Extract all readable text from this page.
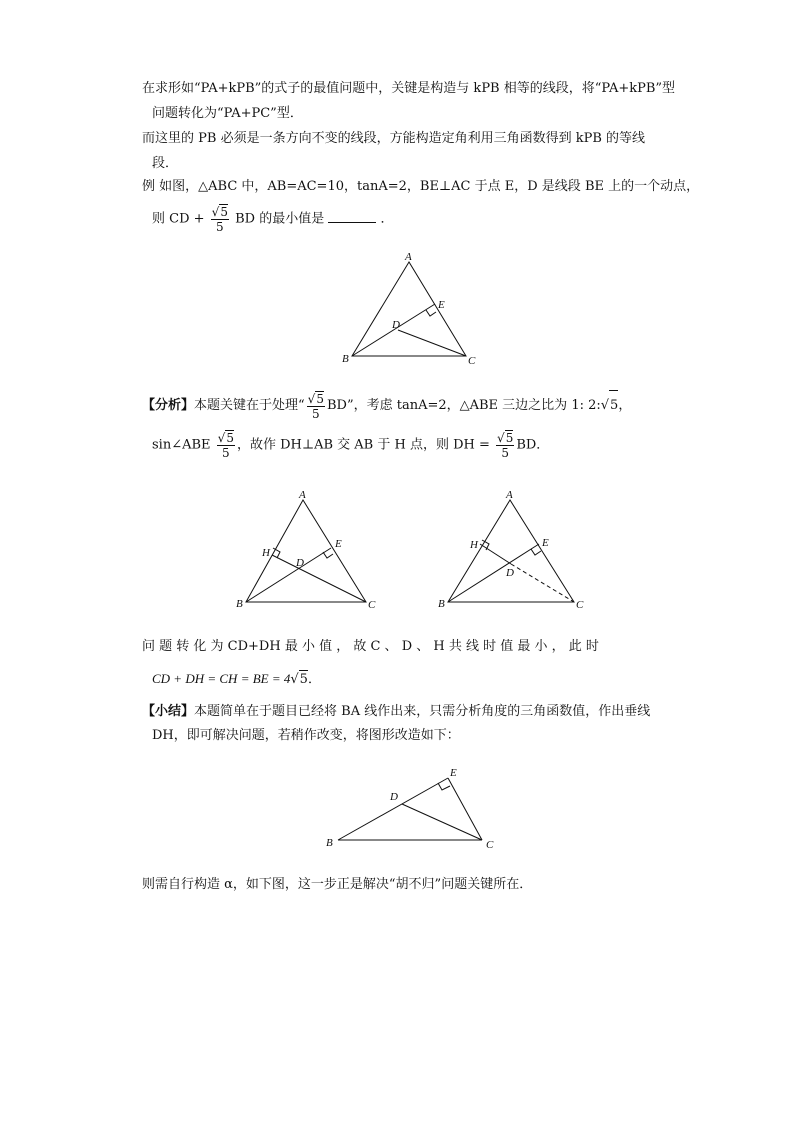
在求形如“PA+kPB”的式子的最值问题中，关键是构造与 kPB 相等的线段，将“PA+kPB”型
问题转化为“PA+PC”型．
而这里的 PB 必须是一条方向不变的线段，方能构造定角利用三角函数得到 kPB 的等线
段．
例 如图，△ABC 中，AB=AC=10，tanA=2，BE⊥AC 于点 E，D 是线段 BE 上的一个动点，
则 CD + $\frac{√5}{5}$ BD 的最小值是	．
A
B	C
D
E
【分析】本题关键在于处理“ $\frac{√5}{5}$ BD”，考虑 tanA=2，△ABE 三边之比为 1: 2:√5，
sin∠ABE $\frac{√5}{5}$ ，故作 DH⊥AB 交 AB 于 H 点，则 DH = $\frac{√5}{5}$ BD．
A
B	C
D
E
H
A
B	C
D
E
H
问 题 转 化 为 CD+DH 最 小 值 ， 故 C 、 D 、 H 共 线 时 值 最 小 ， 此 时
CD + DH = CH = BE = 4√5．
【小结】本题简单在于题目已经将 BA 线作出来，只需分析角度的三角函数值，作出垂线
DH，即可解决问题，若稍作改变，将图形改造如下：
B	C
D
E
则需自行构造 α，如下图，这一步正是解决“胡不归”问题关键所在．
